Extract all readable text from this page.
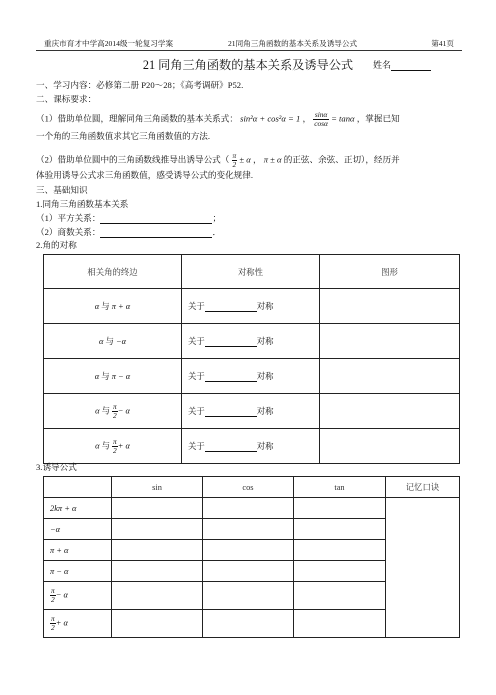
重庆市育才中学高2014级一轮复习学案	21同角三角函数的基本关系及诱导公式	第41页
21 同角三角函数的基本关系及诱导公式 姓名
一、学习内容：必修第二册 P20～28；《高考调研》P52.
二、课标要求：
（1）借助单位圆，理解同角三角函数的基本关系式： sin²α + cos²α = 1 ， $\frac{\sin\alpha}{\cos\alpha} = \tan\alpha$ ，掌握已知
一个角的三角函数值求其它三角函数值的方法.
（2）借助单位圆中的三角函数线推导出诱导公式（ $\frac{\pi}{2} \pm \alpha$ ， π ± α 的正弦、余弦、正切），经历并
体验用诱导公式求三角函数值，感受诱导公式的变化规律.
三、基础知识
1.同角三角函数基本关系
（1）平方关系：	；
（2）商数关系：	．
2.角的对称
相关角的终边	对称性	图形
α 与 π + α	关于 对称	
α 与 −α	关于 对称	
α 与 π − α	关于 对称	
α 与 $\frac{\pi}{2} - \alpha$	关于 对称	
α 与 $\frac{\pi}{2} + \alpha$	关于 对称	
3.诱导公式
	sin	cos	tan	记忆口诀
2kπ + α				
−α				
π + α				
π − α				

$\frac{\pi}{2} - \alpha$				

$\frac{\pi}{2} + \alpha$				
